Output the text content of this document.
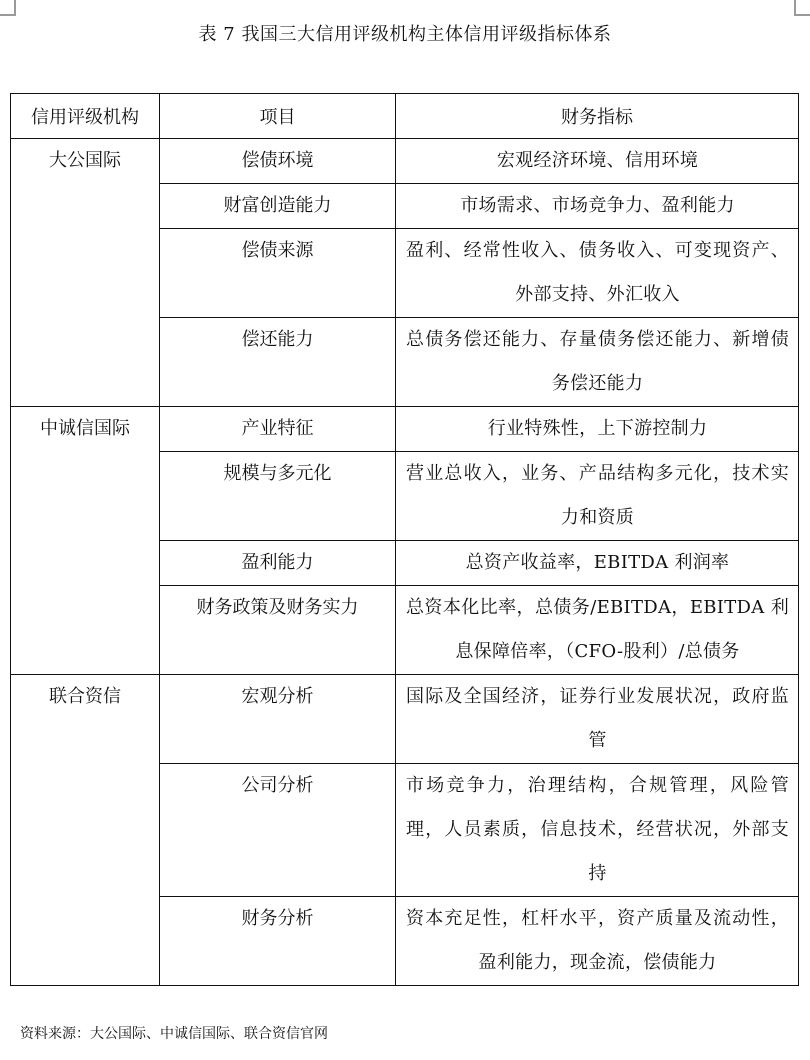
表 7 我国三大信用评级机构主体信用评级指标体系
信用评级机构	项目	财务指标

大公国际	偿债环境	宏观经济环境、信用环境

	财富创造能力	市场需求、市场竞争力、盈利能力

	偿债来源	盈利、经常性收入、债务收入、可变现资产、外部支持、外汇收入

	偿还能力	总债务偿还能力、存量债务偿还能力、新增债务偿还能力

中诚信国际	产业特征	行业特殊性，上下游控制力

	规模与多元化	营业总收入，业务、产品结构多元化，技术实力和资质

	盈利能力	总资产收益率，EBITDA 利润率

	财务政策及财务实力	总资本化比率，总债务/EBITDA，EBITDA 利息保障倍率，（CFO-股利）/总债务

联合资信	宏观分析	国际及全国经济，证券行业发展状况，政府监管

	公司分析	市场竞争力，治理结构，合规管理，风险管理，人员素质，信息技术，经营状况，外部支持

	财务分析	资本充足性，杠杆水平，资产质量及流动性，盈利能力，现金流，偿债能力
资料来源：大公国际、中诚信国际、联合资信官网
